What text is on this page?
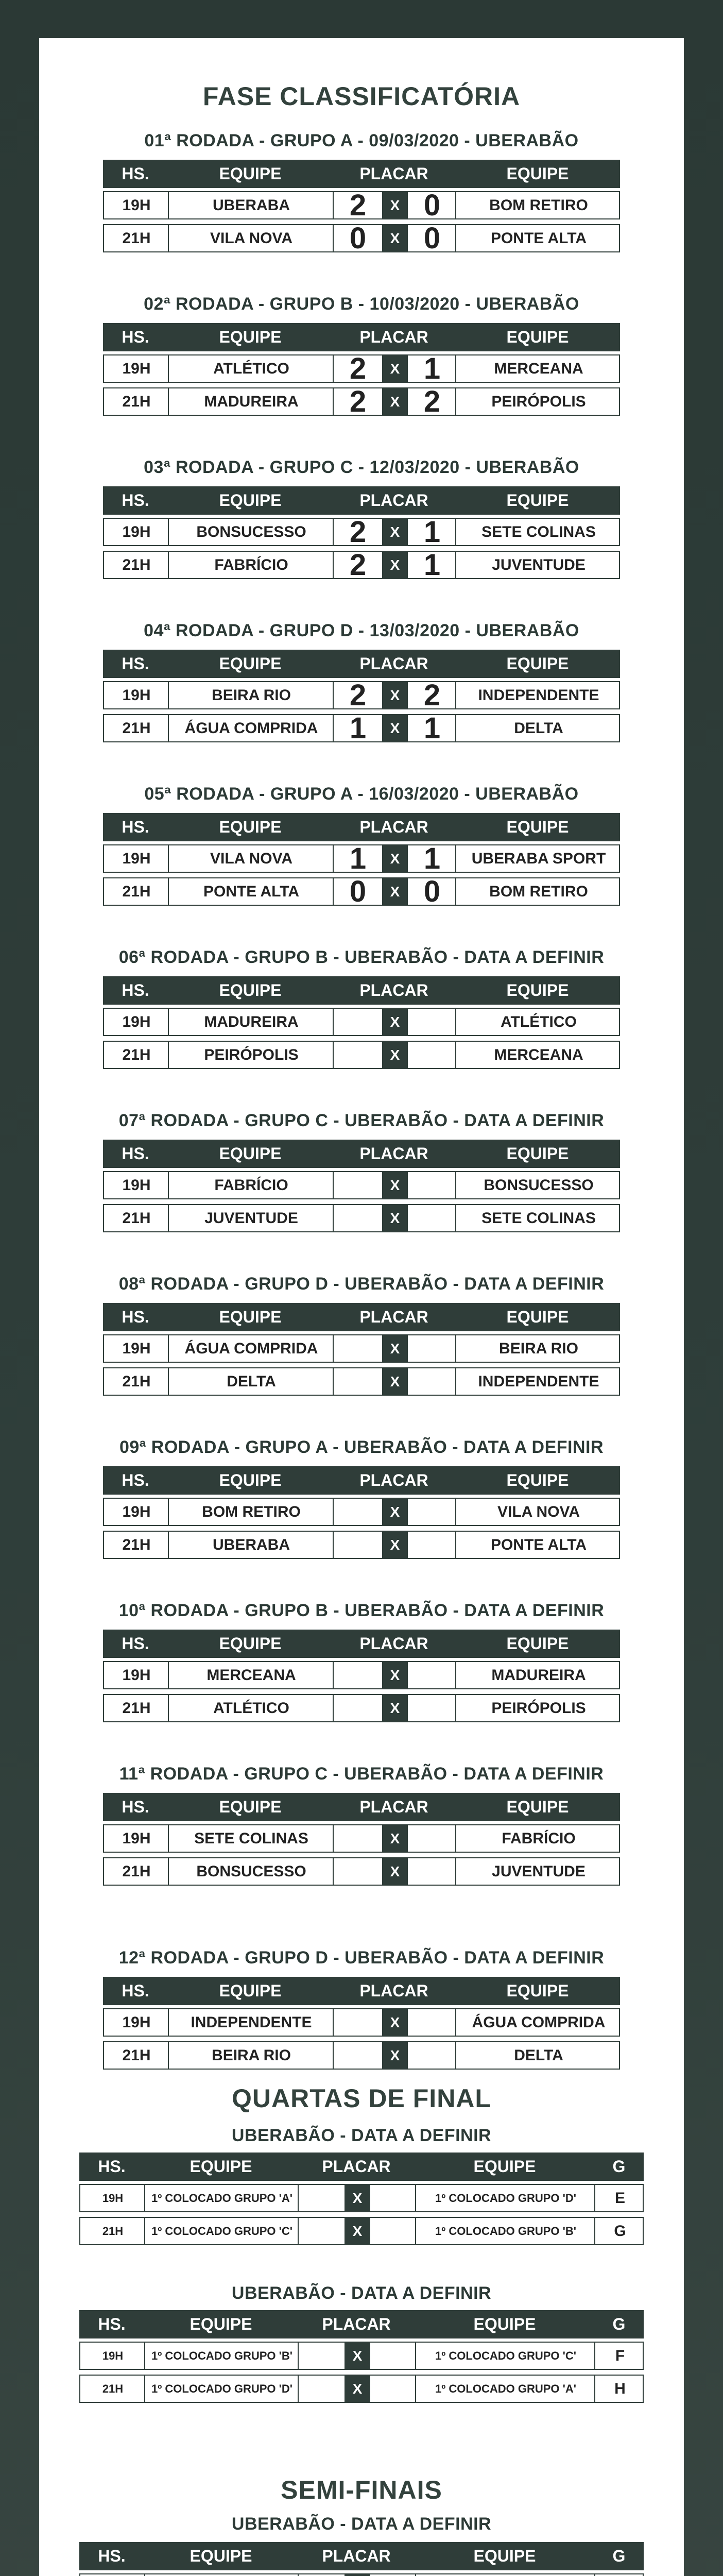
FASE CLASSIFICATÓRIA
01ª RODADA - GRUPO A - 09/03/2020 - UBERABÃO
HS.	EQUIPE	PLACAR	EQUIPE
19H	UBERABA	2	X 0	BOM RETIRO
21H	VILA NOVA	0	X 0	PONTE ALTA
02ª RODADA - GRUPO B - 10/03/2020 - UBERABÃO
HS.	EQUIPE	PLACAR	EQUIPE
19H	ATLÉTICO	2	X 1	MERCEANA
21H	MADUREIRA	2	X 2	PEIRÓPOLIS
03ª RODADA - GRUPO C - 12/03/2020 - UBERABÃO
HS.	EQUIPE	PLACAR	EQUIPE
19H	BONSUCESSO	2	X 1	SETE COLINAS
21H	FABRÍCIO	2	X 1	JUVENTUDE
04ª RODADA - GRUPO D - 13/03/2020 - UBERABÃO
HS.	EQUIPE	PLACAR	EQUIPE
19H	BEIRA RIO	2	X 2	INDEPENDENTE
21H	ÁGUA COMPRIDA	1	X 1	DELTA
05ª RODADA - GRUPO A - 16/03/2020 - UBERABÃO
HS.	EQUIPE	PLACAR	EQUIPE
19H	VILA NOVA	1	X 1	UBERABA SPORT
21H	PONTE ALTA	0	X 0	BOM RETIRO
06ª RODADA - GRUPO B - UBERABÃO - DATA A DEFINIR
HS.	EQUIPE	PLACAR	EQUIPE
19H	MADUREIRA	X	ATLÉTICO
21H	PEIRÓPOLIS	X	MERCEANA
07ª RODADA - GRUPO C - UBERABÃO - DATA A DEFINIR
HS.	EQUIPE	PLACAR	EQUIPE
19H	FABRÍCIO	X	BONSUCESSO
21H	JUVENTUDE	X	SETE COLINAS
08ª RODADA - GRUPO D - UBERABÃO - DATA A DEFINIR
HS.	EQUIPE	PLACAR	EQUIPE
19H	ÁGUA COMPRIDA	X	BEIRA RIO
21H	DELTA	X	INDEPENDENTE
09ª RODADA - GRUPO A - UBERABÃO - DATA A DEFINIR
HS.	EQUIPE	PLACAR	EQUIPE
19H	BOM RETIRO	X	VILA NOVA
21H	UBERABA	X	PONTE ALTA
10ª RODADA - GRUPO B - UBERABÃO - DATA A DEFINIR
HS.	EQUIPE	PLACAR	EQUIPE
19H	MERCEANA	X	MADUREIRA
21H	ATLÉTICO	X	PEIRÓPOLIS
11ª RODADA - GRUPO C - UBERABÃO - DATA A DEFINIR
HS.	EQUIPE	PLACAR	EQUIPE
19H	SETE COLINAS	X	FABRÍCIO
21H	BONSUCESSO	X	JUVENTUDE
12ª RODADA - GRUPO D - UBERABÃO - DATA A DEFINIR
HS.	EQUIPE	PLACAR	EQUIPE
19H	INDEPENDENTE	X	ÁGUA COMPRIDA
21H	BEIRA RIO	X	DELTA
QUARTAS DE FINAL
UBERABÃO - DATA A DEFINIR
HS.	EQUIPE	PLACAR	EQUIPE	G
19H	1º COLOCADO GRUPO 'A'	X	1º COLOCADO GRUPO 'D'	E
21H	1º COLOCADO GRUPO 'C'	X	1º COLOCADO GRUPO 'B'	G
UBERABÃO - DATA A DEFINIR
HS.	EQUIPE	PLACAR	EQUIPE	G
19H	1º COLOCADO GRUPO 'B'	X	1º COLOCADO GRUPO 'C'	F
21H	1º COLOCADO GRUPO 'D'	X	1º COLOCADO GRUPO 'A'	H
SEMI-FINAIS
UBERABÃO - DATA A DEFINIR
HS.	EQUIPE	PLACAR	EQUIPE	G
